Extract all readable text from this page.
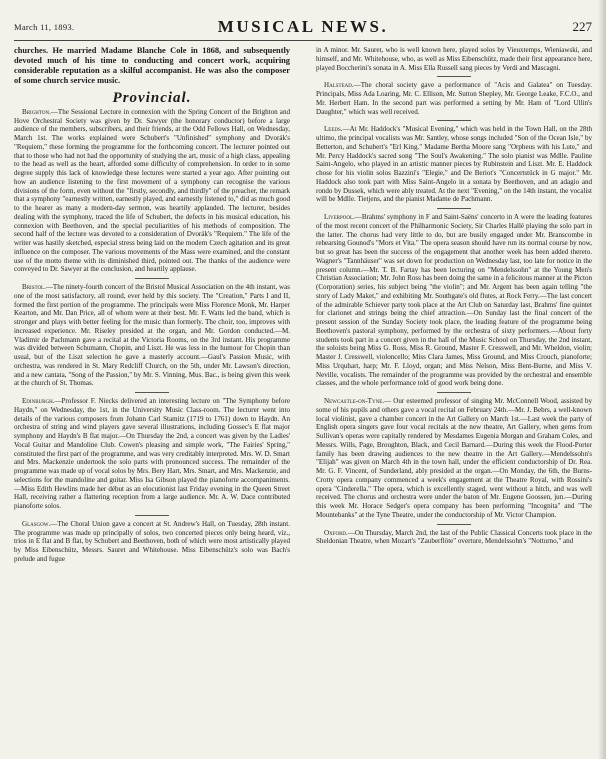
March 11, 1893.	MUSICAL NEWS.	227

churches. He married Madame Blanche Cole in 1868, and subsequently devoted much of his time to conducting and concert work, acquiring considerable reputation as a skilful accompanist. He was also the composer of some church service music.

Provincial.

Brighton.—The Sessional Lecture in connexion with the Spring Concert of the Brighton and Hove Orchestral Society was given by Dr. Sawyer (the honorary conductor) before a large audience of the members, subscribers, and their friends, at the Odd Fellows Hall, on Wednesday, March 1st. The works explained were Schubert's "Unfinished" symphony and Dvorák's "Requiem," these forming the programme for the forthcoming concert. The lecturer pointed out that to those who had not had the opportunity of studying the art, music of a high class, appealing to the head as well as the heart, afforded some difficulty of comprehension. In order to in some degree supply this lack of knowledge these lectures were started a year ago. After pointing out how an audience listening to the first movement of a symphony can recognise the various divisions of the form, even without the "firstly, secondly, and thirdly" of the preacher, the remark that a symphony "earnestly written, earnestly played, and earnestly listened to," did as much good to the hearer as many a modern-day sermon, was heartily applauded. The lecturer, besides dealing with the symphony, traced the life of Schubert, the defects in his musical education, his connexion with Beethoven, and the special peculiarities of his methods of composition. The second half of the lecture was devoted to a consideration of Dvorák's "Requiem." The life of the writer was hastily sketched, especial stress being laid on the modern Czech agitation and its great influence on the composer. The various movements of the Mass were examined, and the constant use of the motto theme with its diminished third, pointed out. The thanks of the audience were conveyed to Dr. Sawyer at the conclusion, and heartily applause.

Bristol.—The ninety-fourth concert of the Bristol Musical Association on the 4th instant, was one of the most satisfactory, all round, ever held by this society. The "Creation," Parts I and II, formed the first portion of the programme. The principals were Miss Florence Monk, Mr. Harper Kearton, and Mr. Dan Price, all of whom were at their best. Mr. F. Watts led the band, which is stronger and plays with better feeling for the music than formerly. The choir, too, improves with increased experience. Mr. Riseley presided at the organ, and Mr. Gordon conducted.—M. Vladimir de Pachmann gave a recital at the Victoria Rooms, on the 3rd instant. His programme was divided between Schumann, Chopin, and Liszt. He was less in the humour for Chopin than usual, but of the Liszt selection he gave a masterly account.—Gaul's Passion Music, with orchestra, was rendered in St. Mary Redcliff Church, on the 5th, under Mr. Lawson's direction, and a new cantata, "Song of the Passion," by Mr. S. Vinning, Mus. Bac., is being given this week at the church of St. Thomas.

Edinburgh.—Professor F. Niecks delivered an interesting lecture on "The Symphony before Haydn," on Wednesday, the 1st, in the University Music Class-room. The lecturer went into details of the various composers from Johann Carl Stamitz (1719 to 1761) down to Haydn. An orchestra of string and wind players gave several illustrations, including Gossec's E flat major symphony and Haydn's B flat major.—On Thursday the 2nd, a concert was given by the Ladies' Vocal Guitar and Mandoline Club. Cowen's pleasing and simple work, "The Fairies' Spring," constituted the first part of the programme, and was very creditably interpreted. Mrs. W. D. Smart and Mrs. Mackenzie undertook the solo parts with pronounced success. The remainder of the programme was made up of vocal solos by Mrs. Bery Hart, Mrs. Smart, and Mrs. Mackenzie, and selections for the mandoline and guitar. Miss Isa Gibson played the pianoforte accompaniments.—Miss Edith Hewlins made her début as an elocutionist last Friday evening in the Queen Street Hall, receiving rather a flattering reception from a large audience. Mr. A. W. Dace contributed pianoforte solos.

Glasgow.—The Choral Union gave a concert at St. Andrew's Hall, on Tuesday, 28th instant. The programme was made up principally of solos, two concerted pieces only being heard, viz., trios in E flat and B flat, by Schubert and Beethoven, both of which were most artistically played by Miss Eibenschütz, Messrs. Sauret and Whitehouse. Miss Eibenschütz's solo was Bach's prelude and fugue

in A minor. Mr. Sauret, who is well known here, played solos by Vieuxtemps, Wieniawski, and himself, and Mr. Whitehouse, who, as well as Miss Eibenschütz, made their first appearance here, played Boccherini's sonata in A. Miss Ella Russell sang pieces by Verdi and Mascagni.

Halstead.—The choral society gave a performance of "Acis and Galatea" on Tuesday. Principals, Miss Ada Loaring, Mr. C. Ellison, Mr. Sutton Shepley, Mr. George Leake, F.C.O., and Mr. Herbert Ham. In the second part was performed a setting by Mr. Ham of "Lord Ullin's Daughter," which was well received.

Leeds.—At Mr. Haddock's "Musical Evening," which was held in the Town Hall, on the 28th ultimo, the principal vocalists was Mr. Santley, whose songs included "Son of the Ocean Isle," by Betterton, and Schubert's "Erl King." Madame Bertha Moore sang "Orpheus with his Lute," and Mr. Percy Haddock's sacred song "The Soul's Awakening." The solo pianist was Mdlle. Pauline Saint-Angelo, who played in an artistic manner pieces by Rubinstein and Liszt. Mr. E. Haddock chose for his violin solos Bazzini's "Elegie," and De Beriot's "Concertstück in G major." Mr. Haddock also took part with Miss Saint-Angelo in a sonata by Beethoven, and an adagio and rondo by Dussek, which were ably treated. At the next "Evening," on the 14th instant, the vocalist will be Mdlle. Tietjens, and the pianist Madame de Pachmann.

Liverpool.—Brahms' symphony in F and Saint-Saëns' concerto in A were the leading features of the most recent concert of the Philharmonic Society, Sir Charles Hallé playing the solo part in the latter. The chorus had very little to do, but are busily engaged under Mr. Branscombe in rehearsing Gounod's "Mors et Vita." The opera season should have run its normal course by now, but so great has been the success of the engagement that another week has been added thereto. Wagner's "Tannhäuser" was set down for production on Wednesday last, too late for notice in the present column.—Mr. T. B. Fartay has been lecturing on "Mendelssohn" at the Young Men's Christian Association; Mr. John Ross has been doing the same in a felicitous manner at the Picton (Corporation) series, his subject being "the violin"; and Mr. Argent has been again telling "the story of Lady Maket," and exhibiting Mr. Southgate's old flutes, at Rock Ferry.—The last concert of the admirable Schiever party took place at the Art Club on Saturday last, Brahms' fine quintet for clarionet and strings being the chief attraction.—On Sunday last the final concert of the present session of the Sunday Society took place, the leading feature of the programme being Beethoven's pastoral symphony, performed by the orchestra of sixty performers.—About forty students took part in a concert given in the hall of the Music School on Thursday, the 2nd instant, the soloists being Miss G. Ross, Miss R. Ground, Master F. Cresswell, and Mr. Wheldon, violin; Master J. Cresswell, violoncello; Miss Clara James, Miss Ground, and Miss Crouch, pianoforte; Miss Urquhart, harp; Mr. F. Lloyd, organ; and Miss Nelson, Miss Bent-Burne, and Miss V. Neville, vocalists. The remainder of the programme was provided by the orchestral and ensemble classes, and the whole performance told of good work being done.

Newcastle-on-Tyne.— Our esteemed professor of singing Mr. McConnell Wood, assisted by some of his pupils and others gave a vocal recital on February 24th.—Mr. J. Bebrs, a well-known local violinist, gave a chamber concert in the Art Gallery on March 1st.—Last week the party of English opera singers gave four vocal recitals at the new theatre, Art Gallery, when gems from Sullivan's operas were capitally rendered by Mesdames Eugenia Morgan and Graham Coles, and Messrs. Wills, Page, Broughton, Black, and Cecil Barnard.—During this week the Flood-Porter family has been drawing audiences to the new theatre in the Art Gallery.—Mendelssohn's "Elijah" was given on March 4th in the town hall, under the efficient conductorship of Dr. Rea. Mr. G. F. Vincent, of Sunderland, ably presided at the organ.—On Monday, the 6th, the Burns-Crotty opera company commenced a week's engagement at the Theatre Royal, with Rossini's opera "Cinderella." The opera, which is excellently staged, went without a hitch, and was well received. The chorus and orchestra were under the baton of Mr. Eugene Goossen, jun.—During this week Mr. Horace Sedger's opera company has been performing "Incognita" and "The Mountebanks" at the Tyne Theatre, under the conductorship of Mr. Victor Champion.

Oxford.—On Thursday, March 2nd, the last of the Public Classical Concerts took place in the Sheldonian Theatre, when Mozart's "Zauberflöte" overture, Mendelssohn's "Notturno," and
